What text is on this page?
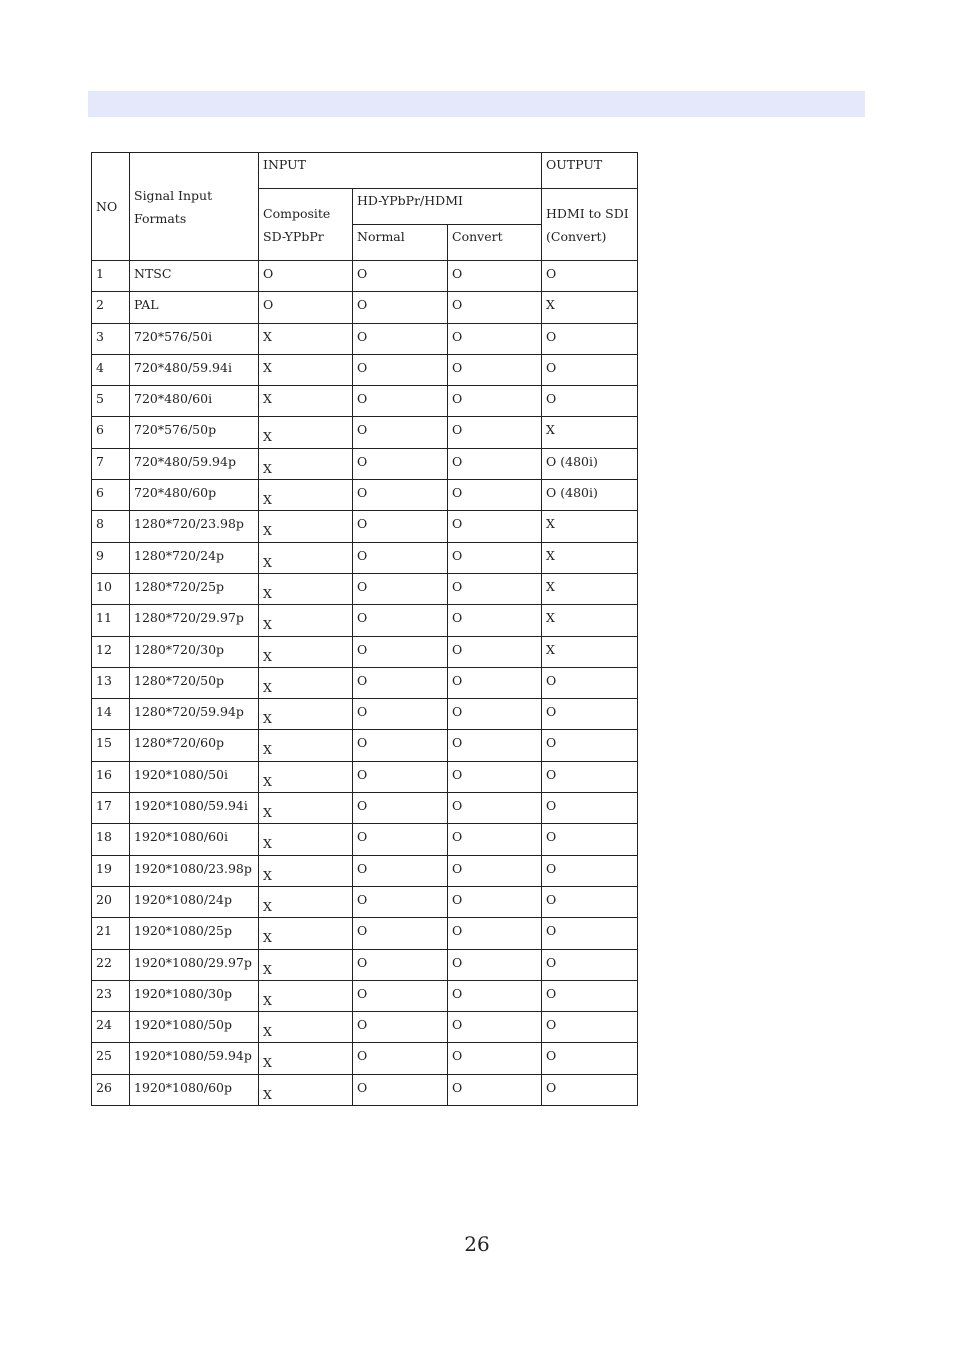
NO	Signal Input Formats	INPUT			OUTPUT
		Composite SD-YPbPr	HD-YPbPr/HDMI		HDMI to SDI (Convert)
			Normal	Convert	
1	NTSC	O	O	O	O
2	PAL	O	O	O	X
3	720*576/50i	X	O	O	O
4	720*480/59.94i	X	O	O	O
5	720*480/60i	X	O	O	O
6	720*576/50p	X	O	O	X
7	720*480/59.94p	X	O	O	O (480i)
6	720*480/60p	X	O	O	O (480i)
8	1280*720/23.98p	X	O	O	X
9	1280*720/24p	X	O	O	X
10	1280*720/25p	X	O	O	X
11	1280*720/29.97p	X	O	O	X
12	1280*720/30p	X	O	O	X
13	1280*720/50p	X	O	O	O
14	1280*720/59.94p	X	O	O	O
15	1280*720/60p	X	O	O	O
16	1920*1080/50i	X	O	O	O
17	1920*1080/59.94i	X	O	O	O
18	1920*1080/60i	X	O	O	O
19	1920*1080/23.98p	X	O	O	O
20	1920*1080/24p	X	O	O	O
21	1920*1080/25p	X	O	O	O
22	1920*1080/29.97p	X	O	O	O
23	1920*1080/30p	X	O	O	O
24	1920*1080/50p	X	O	O	O
25	1920*1080/59.94p	X	O	O	O
26	1920*1080/60p	X	O	O	O
26
